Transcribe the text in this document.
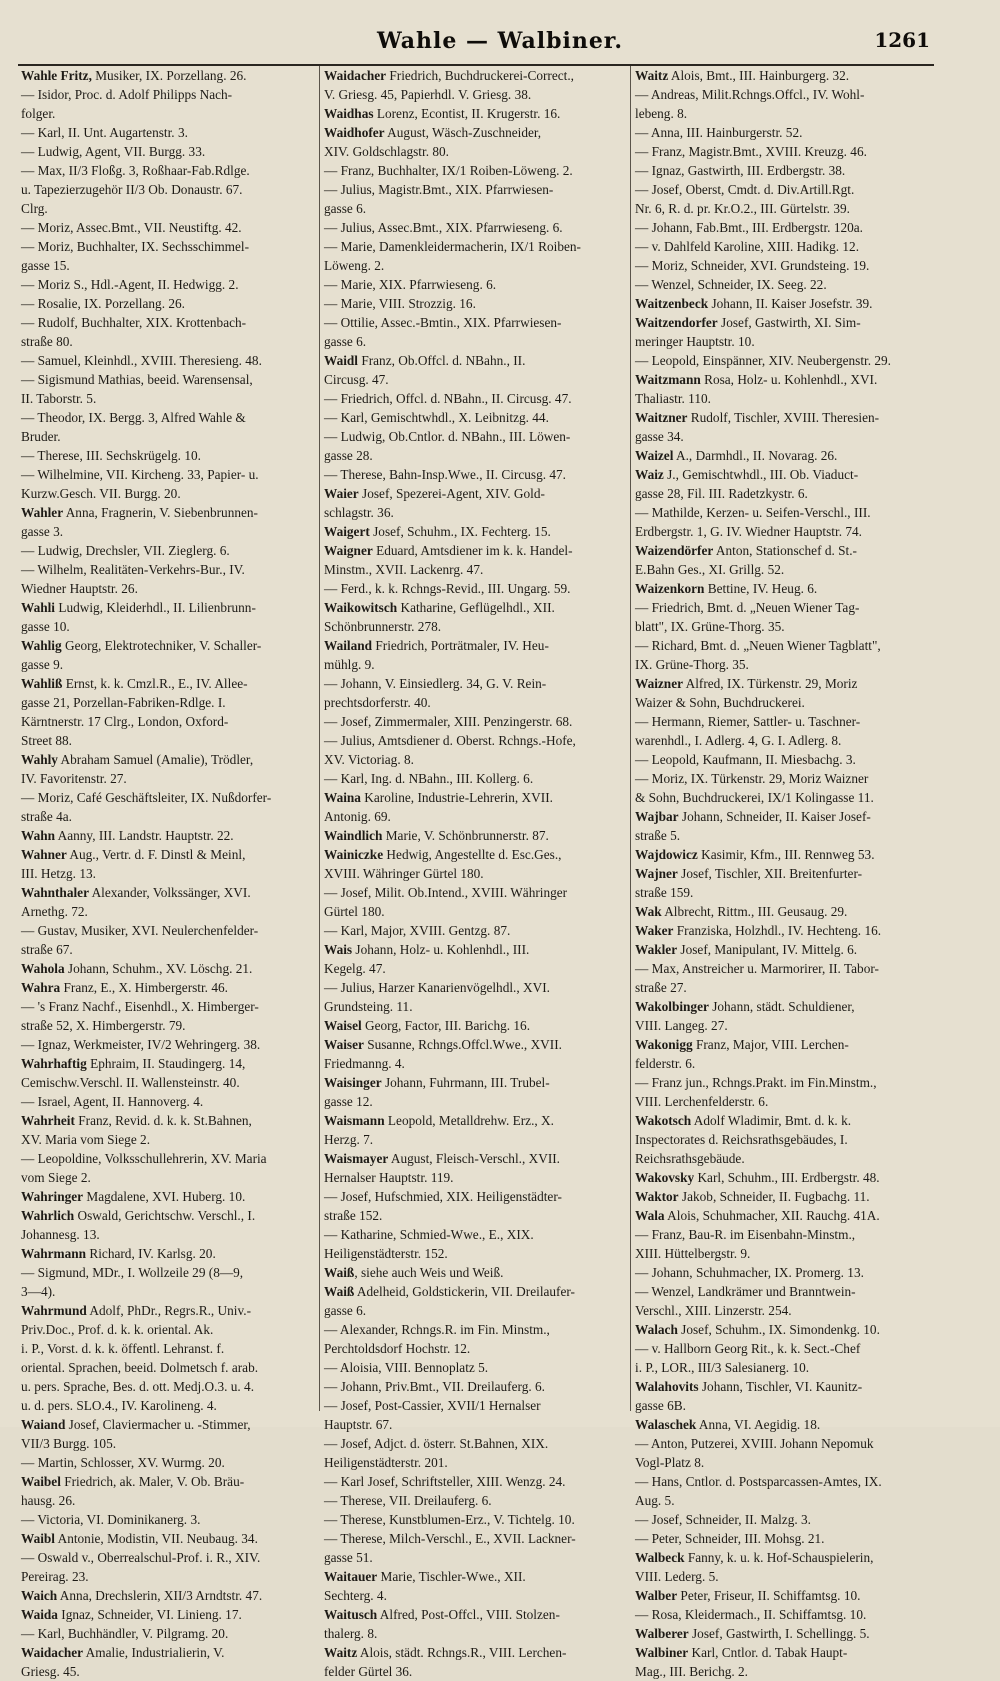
Wahle — Walbiner.	1261
Wahle Fritz, Musiker, IX. Porzellang. 26.
— Isidor, Proc. d. Adolf Philipps Nach-
folger.
— Karl, II. Unt. Augartenstr. 3.
— Ludwig, Agent, VII. Burgg. 33.
— Max, II/3 Floßg. 3, Roßhaar-Fab.Rdlge.
u. Tapezierzugehör II/3 Ob. Donaustr. 67.
Clrg.
— Moriz, Assec.Bmt., VII. Neustiftg. 42.
— Moriz, Buchhalter, IX. Sechsschimmel-
gasse 15.
— Moriz S., Hdl.-Agent, II. Hedwigg. 2.
— Rosalie, IX. Porzellang. 26.
— Rudolf, Buchhalter, XIX. Krottenbach-
straße 80.
— Samuel, Kleinhdl., XVIII. Theresieng. 48.
— Sigismund Mathias, beeid. Warensensal,
II. Taborstr. 5.
— Theodor, IX. Bergg. 3, Alfred Wahle &
Bruder.
— Therese, III. Sechskrügelg. 10.
— Wilhelmine, VII. Kircheng. 33, Papier- u.
Kurzw.Gesch. VII. Burgg. 20.
Wahler Anna, Fragnerin, V. Siebenbrunnen-
gasse 3.
— Ludwig, Drechsler, VII. Zieglerg. 6.
— Wilhelm, Realitäten-Verkehrs-Bur., IV.
Wiedner Hauptstr. 26.
Wahli Ludwig, Kleiderhdl., II. Lilienbrunn-
gasse 10.
Wahlig Georg, Elektrotechniker, V. Schaller-
gasse 9.
Wahliß Ernst, k. k. Cmzl.R., E., IV. Allee-
gasse 21, Porzellan-Fabriken-Rdlge. I.
Kärntnerstr. 17 Clrg., London, Oxford-
Street 88.
Wahly Abraham Samuel (Amalie), Trödler,
IV. Favoritenstr. 27.
— Moriz, Café Geschäftsleiter, IX. Nußdorfer-
straße 4a.
Wahn Aanny, III. Landstr. Hauptstr. 22.
Wahner Aug., Vertr. d. F. Dinstl & Meinl,
III. Hetzg. 13.
Wahnthaler Alexander, Volkssänger, XVI.
Arnethg. 72.
— Gustav, Musiker, XVI. Neulerchenfelder-
straße 67.
Wahola Johann, Schuhm., XV. Löschg. 21.
Wahra Franz, E., X. Himbergerstr. 46.
— 's Franz Nachf., Eisenhdl., X. Himberger-
straße 52, X. Himbergerstr. 79.
— Ignaz, Werkmeister, IV/2 Wehringerg. 38.
Wahrhaftig Ephraim, II. Staudingerg. 14,
Cemischw.Verschl. II. Wallensteinstr. 40.
— Israel, Agent, II. Hannoverg. 4.
Wahrheit Franz, Revid. d. k. k. St.Bahnen,
XV. Maria vom Siege 2.
— Leopoldine, Volksschullehrerin, XV. Maria
vom Siege 2.
Wahringer Magdalene, XVI. Huberg. 10.
Wahrlich Oswald, Gerichtschw. Verschl., I.
Johannesg. 13.
Wahrmann Richard, IV. Karlsg. 20.
— Sigmund, MDr., I. Wollzeile 29 (8—9,
3—4).
Wahrmund Adolf, PhDr., Regrs.R., Univ.-
Priv.Doc., Prof. d. k. k. oriental. Ak.
i. P., Vorst. d. k. k. öffentl. Lehranst. f.
oriental. Sprachen, beeid. Dolmetsch f. arab.
u. pers. Sprache, Bes. d. ott. Medj.O.3. u. 4.
u. d. pers. SLO.4., IV. Karolineng. 4.
Waiand Josef, Claviermacher u. -Stimmer,
VII/3 Burgg. 105.
— Martin, Schlosser, XV. Wurmg. 20.
Waibel Friedrich, ak. Maler, V. Ob. Bräu-
hausg. 26.
— Victoria, VI. Dominikanerg. 3.
Waibl Antonie, Modistin, VII. Neubaug. 34.
— Oswald v., Oberrealschul-Prof. i. R., XIV.
Pereirag. 23.
Waich Anna, Drechslerin, XII/3 Arndtstr. 47.
Waida Ignaz, Schneider, VI. Linieng. 17.
— Karl, Buchhändler, V. Pilgramg. 20.
Waidacher Amalie, Industrialierin, V.
Griesg. 45.
Waidacher Friedrich, Buchdruckerei-Correct.,
V. Griesg. 45, Papierhdl. V. Griesg. 38.
Waidhas Lorenz, Econtist, II. Krugerstr. 16.
Waidhofer August, Wäsch-Zuschneider,
XIV. Goldschlagstr. 80.
— Franz, Buchhalter, IX/1 Roiben-Löweng. 2.
— Julius, Magistr.Bmt., XIX. Pfarrwiesen-
gasse 6.
— Julius, Assec.Bmt., XIX. Pfarrwieseng. 6.
— Marie, Damenkleidermacherin, IX/1 Roiben-
Löweng. 2.
— Marie, XIX. Pfarrwieseng. 6.
— Marie, VIII. Strozzig. 16.
— Ottilie, Assec.-Bmtin., XIX. Pfarrwiesen-
gasse 6.
Waidl Franz, Ob.Offcl. d. NBahn., II.
Circusg. 47.
— Friedrich, Offcl. d. NBahn., II. Circusg. 47.
— Karl, Gemischtwhdl., X. Leibnitzg. 44.
— Ludwig, Ob.Cntlor. d. NBahn., III. Löwen-
gasse 28.
— Therese, Bahn-Insp.Wwe., II. Circusg. 47.
Waier Josef, Spezerei-Agent, XIV. Gold-
schlagstr. 36.
Waigert Josef, Schuhm., IX. Fechterg. 15.
Waigner Eduard, Amtsdiener im k. k. Handel-
Minstm., XVII. Lackenrg. 47.
— Ferd., k. k. Rchngs-Revid., III. Ungarg. 59.
Waikowitsch Katharine, Geflügelhdl., XII.
Schönbrunnerstr. 278.
Wailand Friedrich, Porträtmaler, IV. Heu-
mühlg. 9.
— Johann, V. Einsiedlerg. 34, G. V. Rein-
prechtsdorferstr. 40.
— Josef, Zimmermaler, XIII. Penzingerstr. 68.
— Julius, Amtsdiener d. Oberst. Rchngs.-Hofe,
XV. Victoriag. 8.
— Karl, Ing. d. NBahn., III. Kollerg. 6.
Waina Karoline, Industrie-Lehrerin, XVII.
Antonig. 69.
Waindlich Marie, V. Schönbrunnerstr. 87.
Wainiczke Hedwig, Angestellte d. Esc.Ges.,
XVIII. Währinger Gürtel 180.
— Josef, Milit. Ob.Intend., XVIII. Währinger
Gürtel 180.
— Karl, Major, XVIII. Gentzg. 87.
Wais Johann, Holz- u. Kohlenhdl., III.
Kegelg. 47.
— Julius, Harzer Kanarienvögelhdl., XVI.
Grundsteing. 11.
Waisel Georg, Factor, III. Barichg. 16.
Waiser Susanne, Rchngs.Offcl.Wwe., XVII.
Friedmanng. 4.
Waisinger Johann, Fuhrmann, III. Trubel-
gasse 12.
Waismann Leopold, Metalldrehw. Erz., X.
Herzg. 7.
Waismayer August, Fleisch-Verschl., XVII.
Hernalser Hauptstr. 119.
— Josef, Hufschmied, XIX. Heiligenstädter-
straße 152.
— Katharine, Schmied-Wwe., E., XIX.
Heiligenstädterstr. 152.
Waiß, siehe auch Weis und Weiß.
Waiß Adelheid, Goldstickerin, VII. Dreilaufer-
gasse 6.
— Alexander, Rchngs.R. im Fin. Minstm.,
Perchtoldsdorf Hochstr. 12.
— Aloisia, VIII. Bennoplatz 5.
— Johann, Priv.Bmt., VII. Dreilauferg. 6.
— Josef, Post-Cassier, XVII/1 Hernalser
Hauptstr. 67.
— Josef, Adjct. d. österr. St.Bahnen, XIX.
Heiligenstädterstr. 201.
— Karl Josef, Schriftsteller, XIII. Wenzg. 24.
— Therese, VII. Dreilauferg. 6.
— Therese, Kunstblumen-Erz., V. Tichtelg. 10.
— Therese, Milch-Verschl., E., XVII. Lackner-
gasse 51.
Waitauer Marie, Tischler-Wwe., XII.
Sechterg. 4.
Waitusch Alfred, Post-Offcl., VIII. Stolzen-
thalerg. 8.
Waitz Alois, städt. Rchngs.R., VIII. Lerchen-
felder Gürtel 36.
Waitz Alois, Bmt., III. Hainburgerg. 32.
— Andreas, Milit.Rchngs.Offcl., IV. Wohl-
lebeng. 8.
— Anna, III. Hainburgerstr. 52.
— Franz, Magistr.Bmt., XVIII. Kreuzg. 46.
— Ignaz, Gastwirth, III. Erdbergstr. 38.
— Josef, Oberst, Cmdt. d. Div.Artill.Rgt.
Nr. 6, R. d. pr. Kr.O.2., III. Gürtelstr. 39.
— Johann, Fab.Bmt., III. Erdbergstr. 120a.
— v. Dahlfeld Karoline, XIII. Hadikg. 12.
— Moriz, Schneider, XVI. Grundsteing. 19.
— Wenzel, Schneider, IX. Seeg. 22.
Waitzenbeck Johann, II. Kaiser Josefstr. 39.
Waitzendorfer Josef, Gastwirth, XI. Sim-
meringer Hauptstr. 10.
— Leopold, Einspänner, XIV. Neubergenstr. 29.
Waitzmann Rosa, Holz- u. Kohlenhdl., XVI.
Thaliastr. 110.
Waitzner Rudolf, Tischler, XVIII. Theresien-
gasse 34.
Waizel A., Darmhdl., II. Novarag. 26.
Waiz J., Gemischtwhdl., III. Ob. Viaduct-
gasse 28, Fil. III. Radetzkystr. 6.
— Mathilde, Kerzen- u. Seifen-Verschl., III.
Erdbergstr. 1, G. IV. Wiedner Hauptstr. 74.
Waizendörfer Anton, Stationschef d. St.-
E.Bahn Ges., XI. Grillg. 52.
Waizenkorn Bettine, IV. Heug. 6.
— Friedrich, Bmt. d. „Neuen Wiener Tag-
blatt", IX. Grüne-Thorg. 35.
— Richard, Bmt. d. „Neuen Wiener Tagblatt",
IX. Grüne-Thorg. 35.
Waizner Alfred, IX. Türkenstr. 29, Moriz
Waizer & Sohn, Buchdruckerei.
— Hermann, Riemer, Sattler- u. Taschner-
warenhdl., I. Adlerg. 4, G. I. Adlerg. 8.
— Leopold, Kaufmann, II. Miesbachg. 3.
— Moriz, IX. Türkenstr. 29, Moriz Waizner
& Sohn, Buchdruckerei, IX/1 Kolingasse 11.
Wajbar Johann, Schneider, II. Kaiser Josef-
straße 5.
Wajdowicz Kasimir, Kfm., III. Rennweg 53.
Wajner Josef, Tischler, XII. Breitenfurter-
straße 159.
Wak Albrecht, Rittm., III. Geusaug. 29.
Waker Franziska, Holzhdl., IV. Hechteng. 16.
Wakler Josef, Manipulant, IV. Mittelg. 6.
— Max, Anstreicher u. Marmorirer, II. Tabor-
straße 27.
Wakolbinger Johann, städt. Schuldiener,
VIII. Langeg. 27.
Wakonigg Franz, Major, VIII. Lerchen-
felderstr. 6.
— Franz jun., Rchngs.Prakt. im Fin.Minstm.,
VIII. Lerchenfelderstr. 6.
Wakotsch Adolf Wladimir, Bmt. d. k. k.
Inspectorates d. Reichsrathsgebäudes, I.
Reichsrathsgebäude.
Wakovsky Karl, Schuhm., III. Erdbergstr. 48.
Waktor Jakob, Schneider, II. Fugbachg. 11.
Wala Alois, Schuhmacher, XII. Rauchg. 41A.
— Franz, Bau-R. im Eisenbahn-Minstm.,
XIII. Hüttelbergstr. 9.
— Johann, Schuhmacher, IX. Promerg. 13.
— Wenzel, Landkrämer und Branntwein-
Verschl., XIII. Linzerstr. 254.
Walach Josef, Schuhm., IX. Simondenkg. 10.
— v. Hallborn Georg Rit., k. k. Sect.-Chef
i. P., LOR., III/3 Salesianerg. 10.
Walahovits Johann, Tischler, VI. Kaunitz-
gasse 6B.
Walaschek Anna, VI. Aegidig. 18.
— Anton, Putzerei, XVIII. Johann Nepomuk
Vogl-Platz 8.
— Hans, Cntlor. d. Postsparcassen-Amtes, IX.
Aug. 5.
— Josef, Schneider, II. Malzg. 3.
— Peter, Schneider, III. Mohsg. 21.
Walbeck Fanny, k. u. k. Hof-Schauspielerin,
VIII. Lederg. 5.
Walber Peter, Friseur, II. Schiffamtsg. 10.
— Rosa, Kleidermach., II. Schiffamtsg. 10.
Walberer Josef, Gastwirth, I. Schellingg. 5.
Walbiner Karl, Cntlor. d. Tabak Haupt-
Mag., III. Berichg. 2.
